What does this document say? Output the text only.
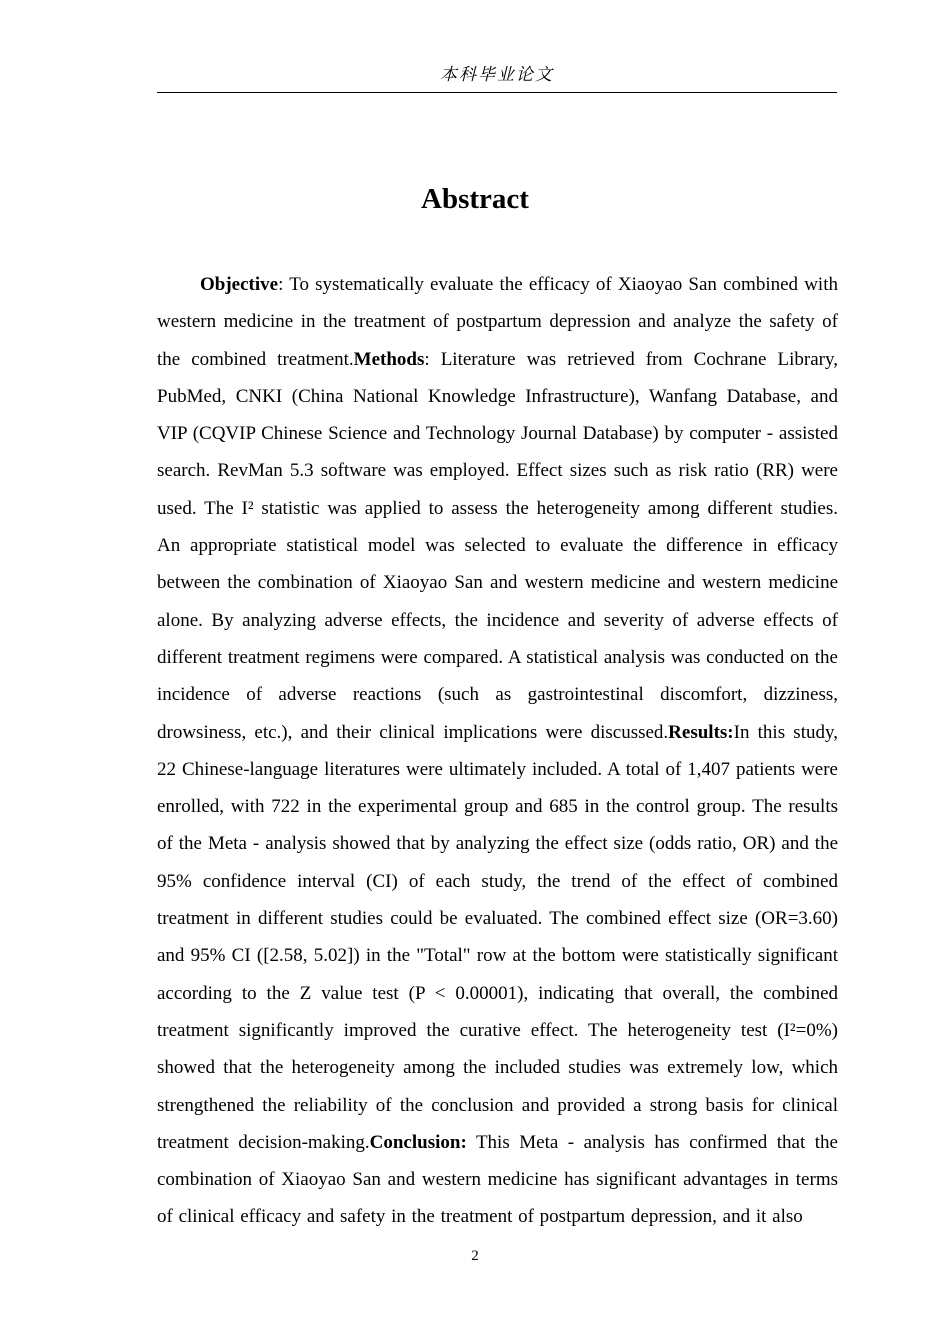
本科毕业论文
Abstract

Objective: To systematically evaluate the efficacy of Xiaoyao San combined with western medicine in the treatment of postpartum depression and analyze the safety of the combined treatment.Methods: Literature was retrieved from Cochrane Library, PubMed, CNKI (China National Knowledge Infrastructure), Wanfang Database, and VIP (CQVIP Chinese Science and Technology Journal Database) by computer - assisted search. RevMan 5.3 software was employed. Effect sizes such as risk ratio (RR) were used. The I² statistic was applied to assess the heterogeneity among different studies. An appropriate statistical model was selected to evaluate the difference in efficacy between the combination of Xiaoyao San and western medicine and western medicine alone. By analyzing adverse effects, the incidence and severity of adverse effects of different treatment regimens were compared. A statistical analysis was conducted on the incidence of adverse reactions (such as gastrointestinal discomfort, dizziness, drowsiness, etc.), and their clinical implications were discussed.Results:In this study, 22 Chinese-language literatures were ultimately included. A total of 1,407 patients were enrolled, with 722 in the experimental group and 685 in the control group. The results of the Meta - analysis showed that by analyzing the effect size (odds ratio, OR) and the 95% confidence interval (CI) of each study, the trend of the effect of combined treatment in different studies could be evaluated. The combined effect size (OR=3.60) and 95% CI ([2.58, 5.02]) in the "Total" row at the bottom were statistically significant according to the Z value test (P < 0.00001), indicating that overall, the combined treatment significantly improved the curative effect. The heterogeneity test (I²=0%) showed that the heterogeneity among the included studies was extremely low, which strengthened the reliability of the conclusion and provided a strong basis for clinical treatment decision-making.Conclusion: This Meta - analysis has confirmed that the combination of Xiaoyao San and western medicine has significant advantages in terms of clinical efficacy and safety in the treatment of postpartum depression, and it also

2
